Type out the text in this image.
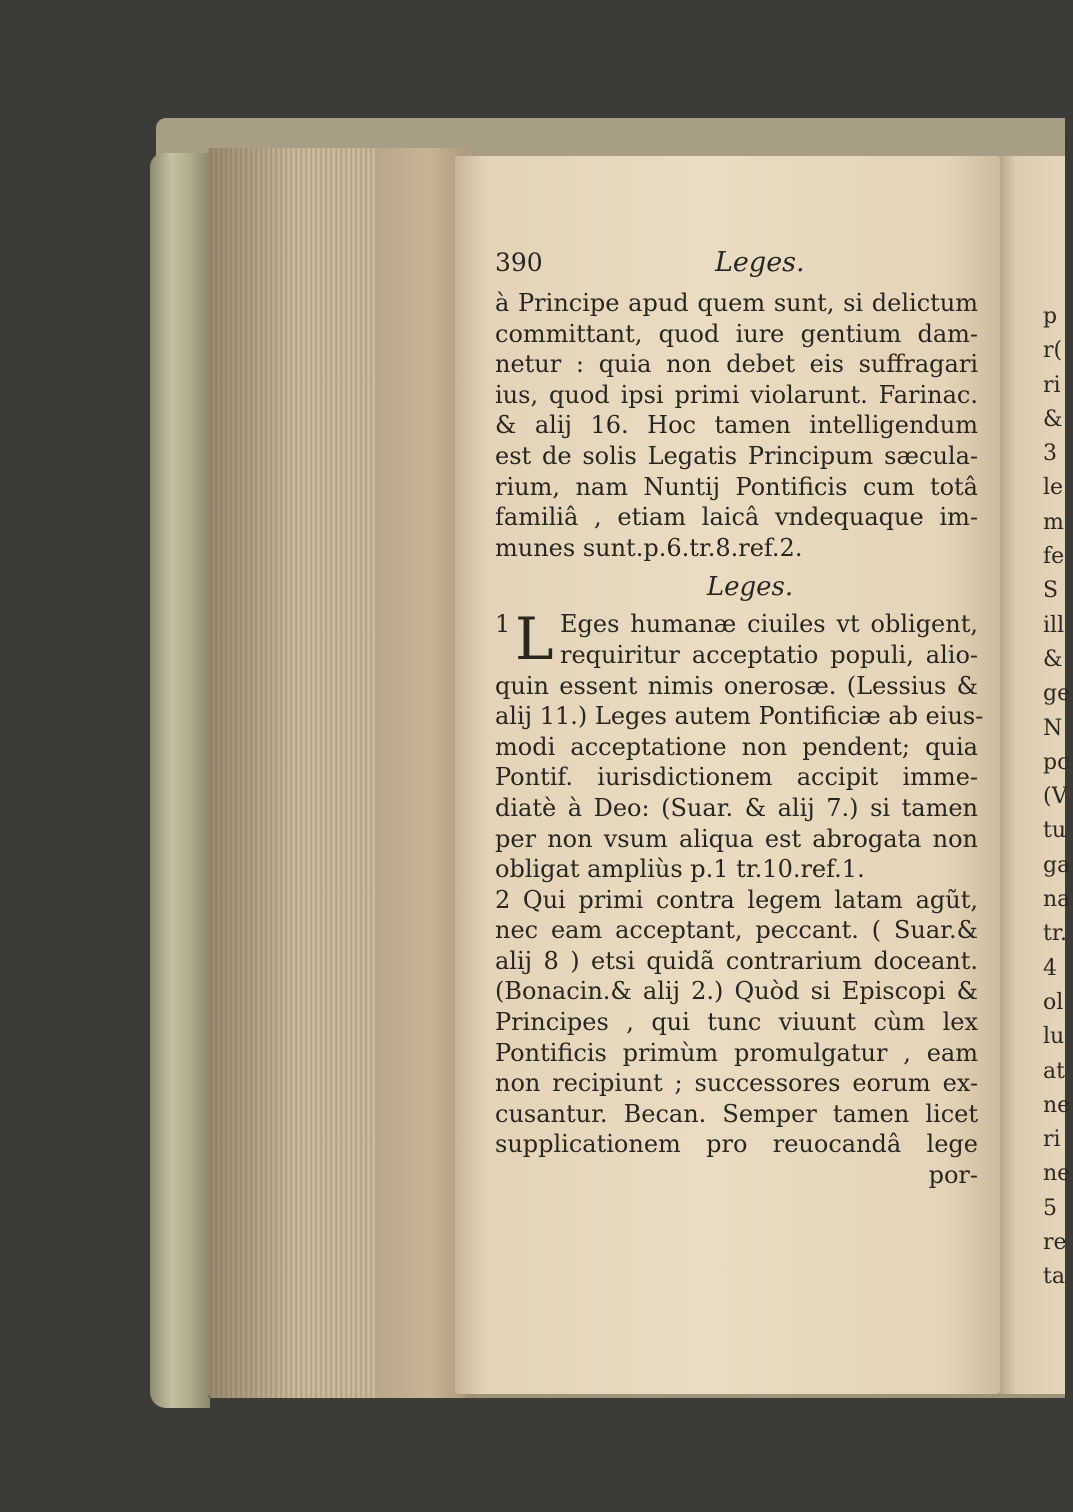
390	Leges.
à Principe apud quem sunt, si delictum
committant, quod iure gentium dam-
netur : quia non debet eis suffragari
ius, quod ipsi primi violarunt. Farinac.
& alij 16. Hoc tamen intelligendum
est de solis Legatis Principum sæcula-
rium, nam Nuntij Pontificis cum totâ
familiâ , etiam laicâ vndequaque im-
munes sunt.p.6.tr.8.ref.2.
Leges.
1 L Eges humanæ ciuiles vt obligent,
requiritur acceptatio populi, alio-
quin essent nimis onerosæ. (Lessius &
alij 11.) Leges autem Pontificiæ ab eius-
modi acceptatione non pendent; quia
Pontif. iurisdictionem accipit imme-
diatè à Deo: (Suar. & alij 7.) si tamen
per non vsum aliqua est abrogata non
obligat ampliùs p.1 tr.10.ref.1.
2 Qui primi contra legem latam agũt,
nec eam acceptant, peccant. ( Suar.&
alij 8 ) etsi quidã contrarium doceant.
(Bonacin.& alij 2.) Quòd si Episcopi &
Principes , qui tunc viuunt cùm lex
Pontificis primùm promulgatur , eam
non recipiunt ; successores eorum ex-
cusantur. Becan. Semper tamen licet
supplicationem pro reuocandâ lege
por-
p
r(
ri
&
3
le
m
fe
S
ill
&
ge
N
pc
(V
tu
ga
na
tr.
4
ol
lu
at
ne
ri
ne
5
re
ta
